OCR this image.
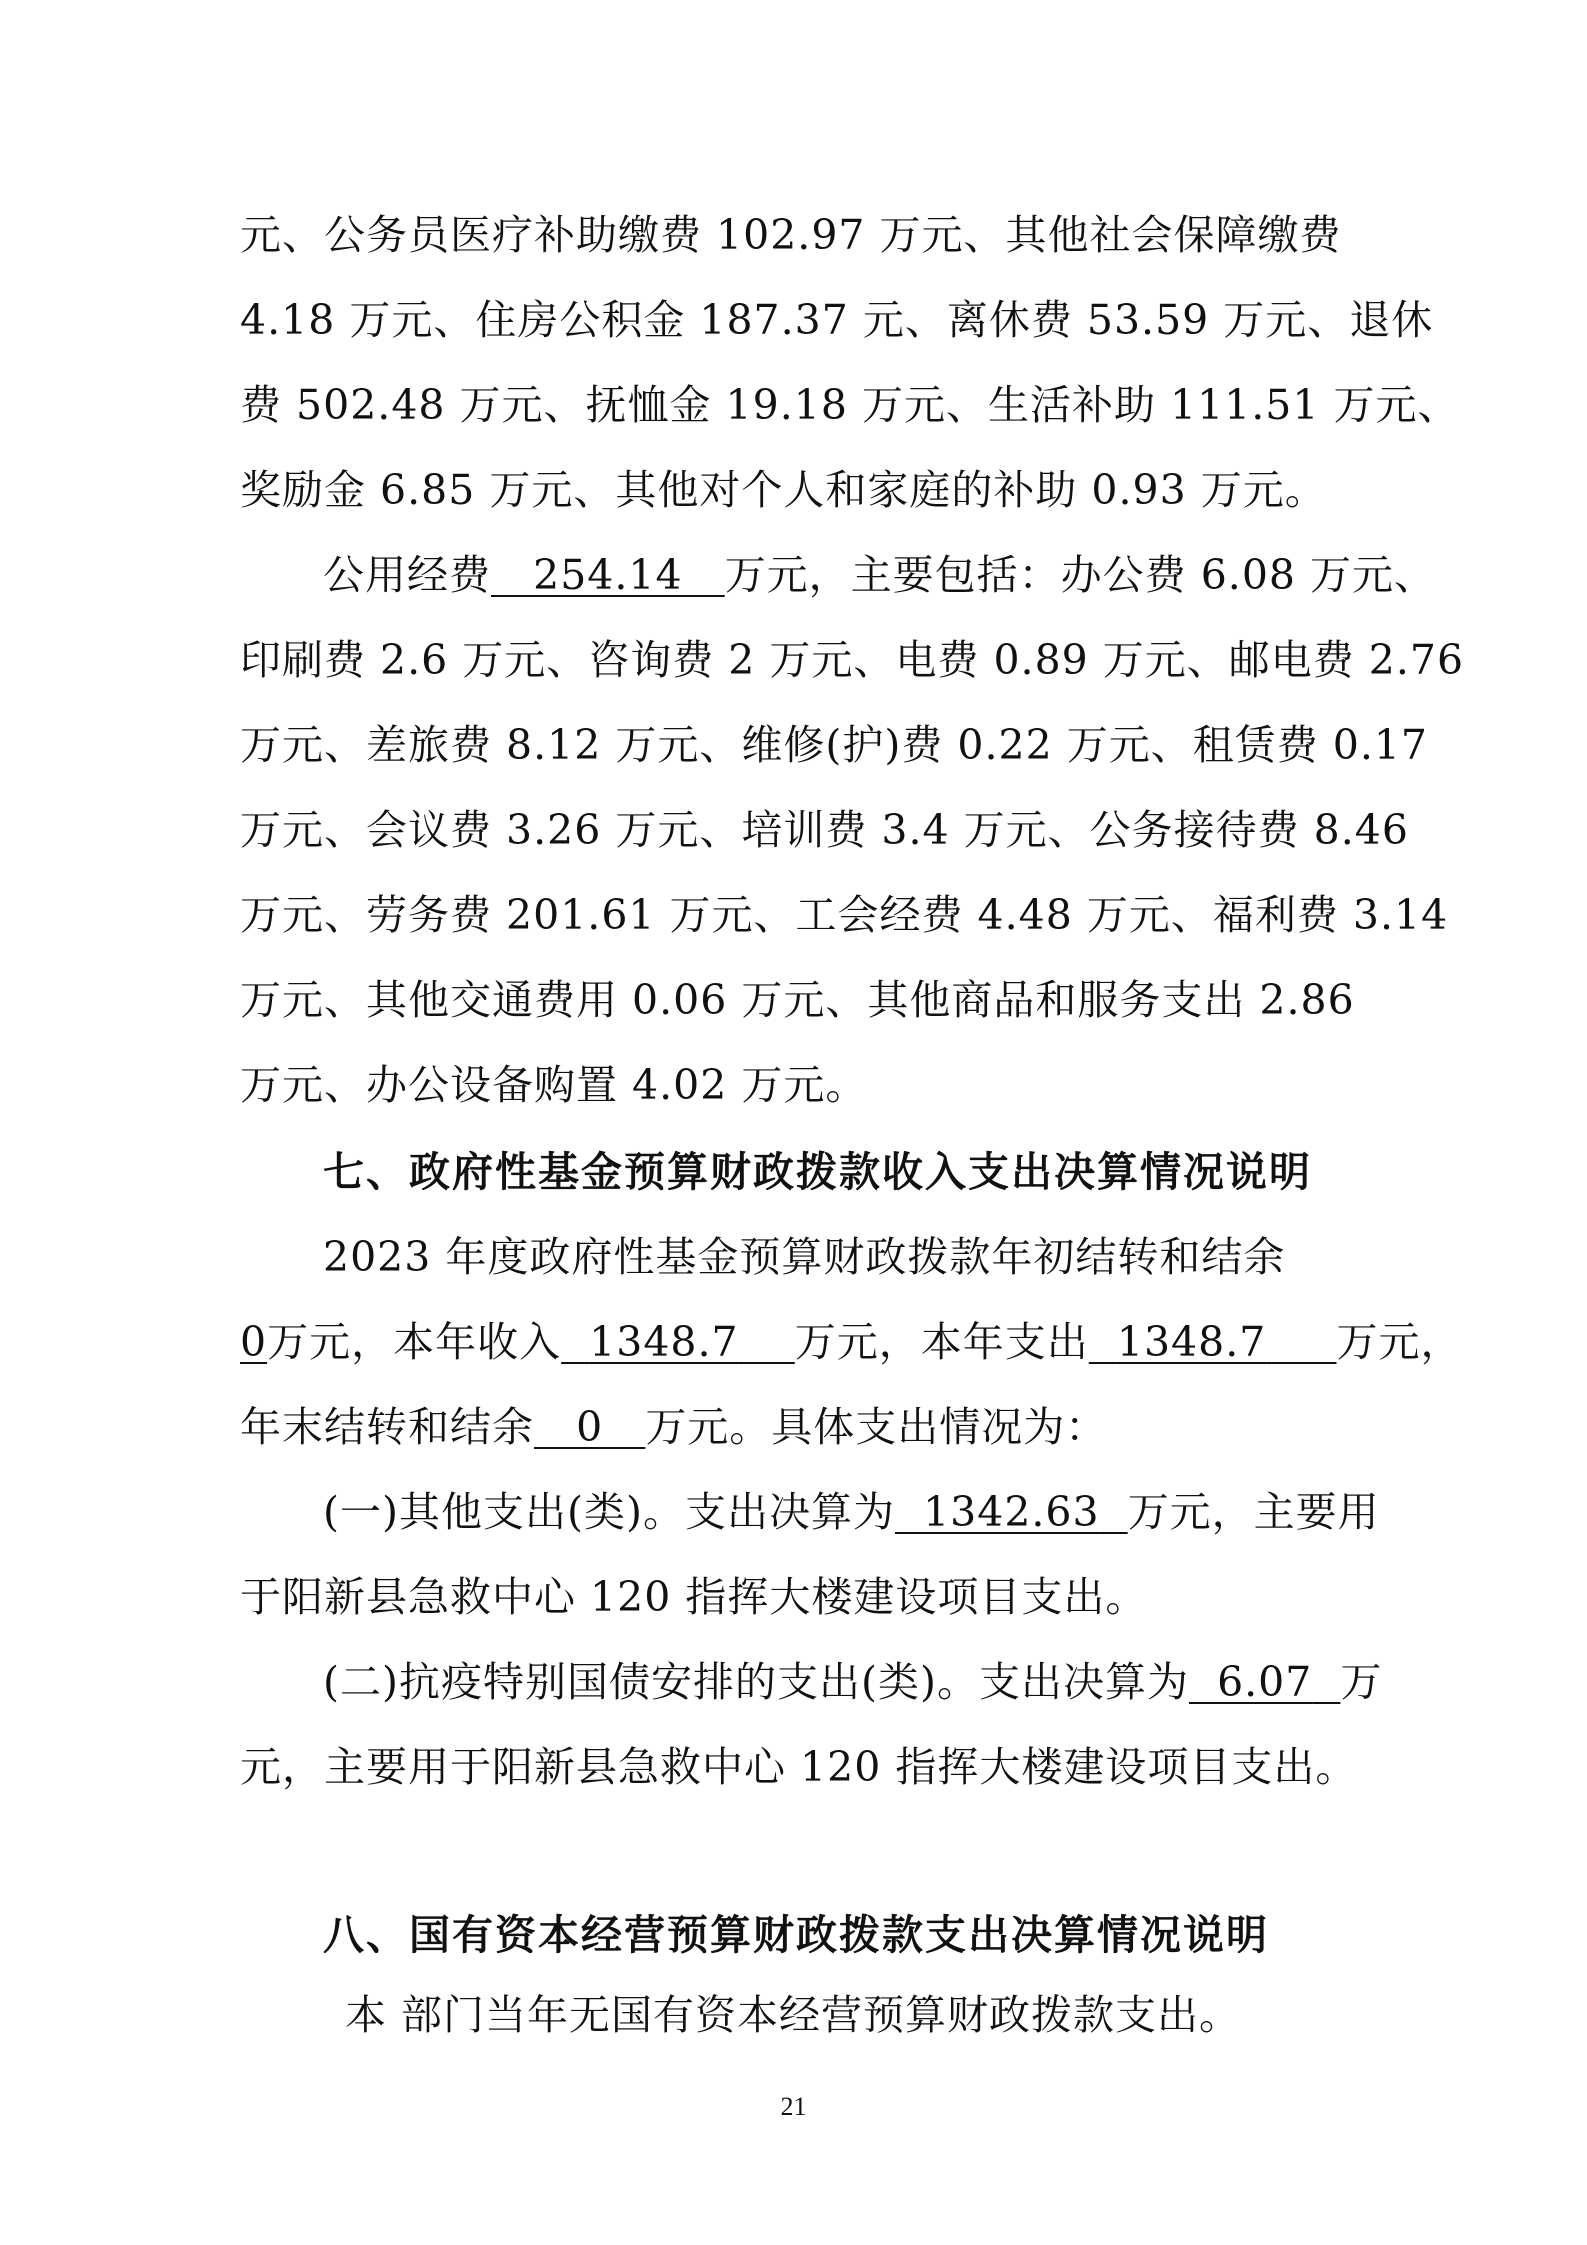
元、公务员医疗补助缴费 102.97 万元、其他社会保障缴费
4.18 万元、住房公积金 187.37 元、离休费 53.59 万元、退休
费 502.48 万元、抚恤金 19.18 万元、生活补助 111.51 万元、
奖励金 6.85 万元、其他对个人和家庭的补助 0.93 万元。
公用经费 254.14 万元，主要包括：办公费 6.08 万元、
印刷费 2.6 万元、咨询费 2 万元、电费 0.89 万元、邮电费 2.76
万元、差旅费 8.12 万元、维修(护)费 0.22 万元、租赁费 0.17
万元、会议费 3.26 万元、培训费 3.4 万元、公务接待费 8.46
万元、劳务费 201.61 万元、工会经费 4.48 万元、福利费 3.14
万元、其他交通费用 0.06 万元、其他商品和服务支出 2.86
万元、办公设备购置 4.02 万元。
七、政府性基金预算财政拨款收入支出决算情况说明
2023 年度政府性基金预算财政拨款年初结转和结余
0万元，本年收入 1348.7 万元，本年支出 1348.7 万元，
年末结转和结余 0 万元。具体支出情况为：
(一)其他支出(类)。支出决算为 1342.63 万元，主要用
于阳新县急救中心 120 指挥大楼建设项目支出。
(二)抗疫特别国债安排的支出(类)。支出决算为 6.07 万
元，主要用于阳新县急救中心 120 指挥大楼建设项目支出。
八、国有资本经营预算财政拨款支出决算情况说明
本 部门当年无国有资本经营预算财政拨款支出。
21
